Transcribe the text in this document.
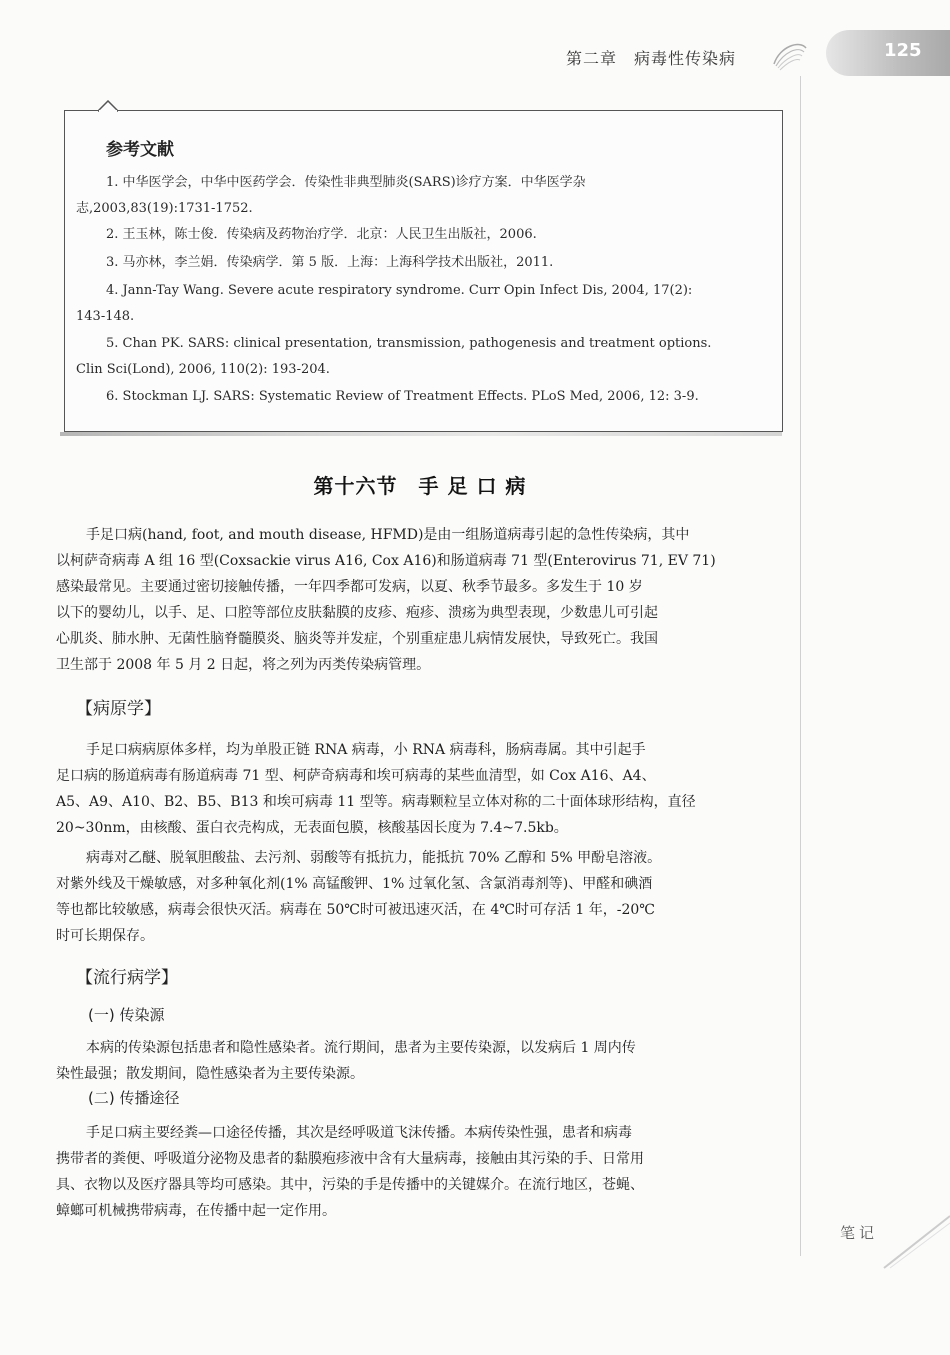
第二章　病毒性传染病	125
参考文献
1. 中华医学会，中华中医药学会．传染性非典型肺炎(SARS)诊疗方案．中华医学杂
志,2003,83(19):1731-1752.
2. 王玉林，陈士俊．传染病及药物治疗学．北京：人民卫生出版社，2006.
3. 马亦林，李兰娟．传染病学．第 5 版．上海：上海科学技术出版社，2011.
4. Jann-Tay Wang. Severe acute respiratory syndrome. Curr Opin Infect Dis, 2004, 17(2):
143-148.
5. Chan PK. SARS: clinical presentation, transmission, pathogenesis and treatment options.
Clin Sci(Lond), 2006, 110(2): 193-204.
6. Stockman LJ. SARS: Systematic Review of Treatment Effects. PLoS Med, 2006, 12: 3-9.
第十六节　手 足 口 病
手足口病(hand, foot, and mouth disease, HFMD)是由一组肠道病毒引起的急性传染病，其中
以柯萨奇病毒 A 组 16 型(Coxsackie virus A16, Cox A16)和肠道病毒 71 型(Enterovirus 71, EV 71)
感染最常见。主要通过密切接触传播，一年四季都可发病，以夏、秋季节最多。多发生于 10 岁
以下的婴幼儿，以手、足、口腔等部位皮肤黏膜的皮疹、疱疹、溃疡为典型表现，少数患儿可引起
心肌炎、肺水肿、无菌性脑脊髓膜炎、脑炎等并发症，个别重症患儿病情发展快，导致死亡。我国
卫生部于 2008 年 5 月 2 日起，将之列为丙类传染病管理。
【病原学】
手足口病病原体多样，均为单股正链 RNA 病毒，小 RNA 病毒科，肠病毒属。其中引起手
足口病的肠道病毒有肠道病毒 71 型、柯萨奇病毒和埃可病毒的某些血清型，如 Cox A16、A4、
A5、A9、A10、B2、B5、B13 和埃可病毒 11 型等。病毒颗粒呈立体对称的二十面体球形结构，直径
20~30nm，由核酸、蛋白衣壳构成，无表面包膜，核酸基因长度为 7.4~7.5kb。
病毒对乙醚、脱氧胆酸盐、去污剂、弱酸等有抵抗力，能抵抗 70% 乙醇和 5% 甲酚皂溶液。
对紫外线及干燥敏感，对多种氧化剂(1% 高锰酸钾、1% 过氧化氢、含氯消毒剂等)、甲醛和碘酒
等也都比较敏感，病毒会很快灭活。病毒在 50℃时可被迅速灭活，在 4℃时可存活 1 年，-20℃
时可长期保存。
【流行病学】
(一) 传染源
本病的传染源包括患者和隐性感染者。流行期间，患者为主要传染源，以发病后 1 周内传
染性最强；散发期间，隐性感染者为主要传染源。
(二) 传播途径
手足口病主要经粪—口途径传播，其次是经呼吸道飞沫传播。本病传染性强，患者和病毒
携带者的粪便、呼吸道分泌物及患者的黏膜疱疹液中含有大量病毒，接触由其污染的手、日常用
具、衣物以及医疗器具等均可感染。其中，污染的手是传播中的关键媒介。在流行地区，苍蝇、
蟑螂可机械携带病毒，在传播中起一定作用。
笔记
